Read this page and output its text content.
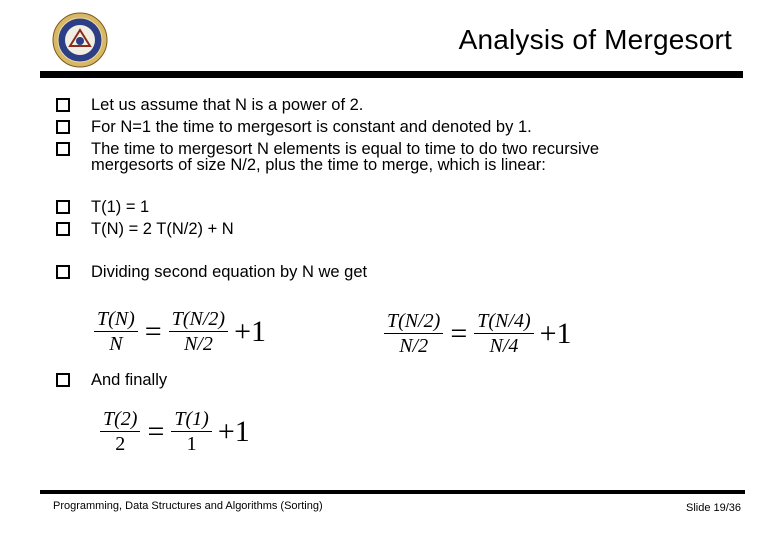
Analysis of Mergesort
Let us assume that N is a power of 2.
For N=1 the time to mergesort is constant and denoted by 1.
The time to mergesort N elements is equal to time to do two recursive
mergesorts of size N/2, plus the time to merge, which is linear:
T(1) = 1
T(N) = 2 T(N/2) + N
Dividing second equation by N we get
And finally
$\frac{T(N)}{N} = \frac{T(N/2)}{N/2} +1$	$\frac{T(N/2)}{N/2} = \frac{T(N/4)}{N/4} +1$
$\frac{T(2)}{2} = \frac{T(1)}{1} +1$
Programming, Data Structures and Algorithms (Sorting)	Slide 19/36
